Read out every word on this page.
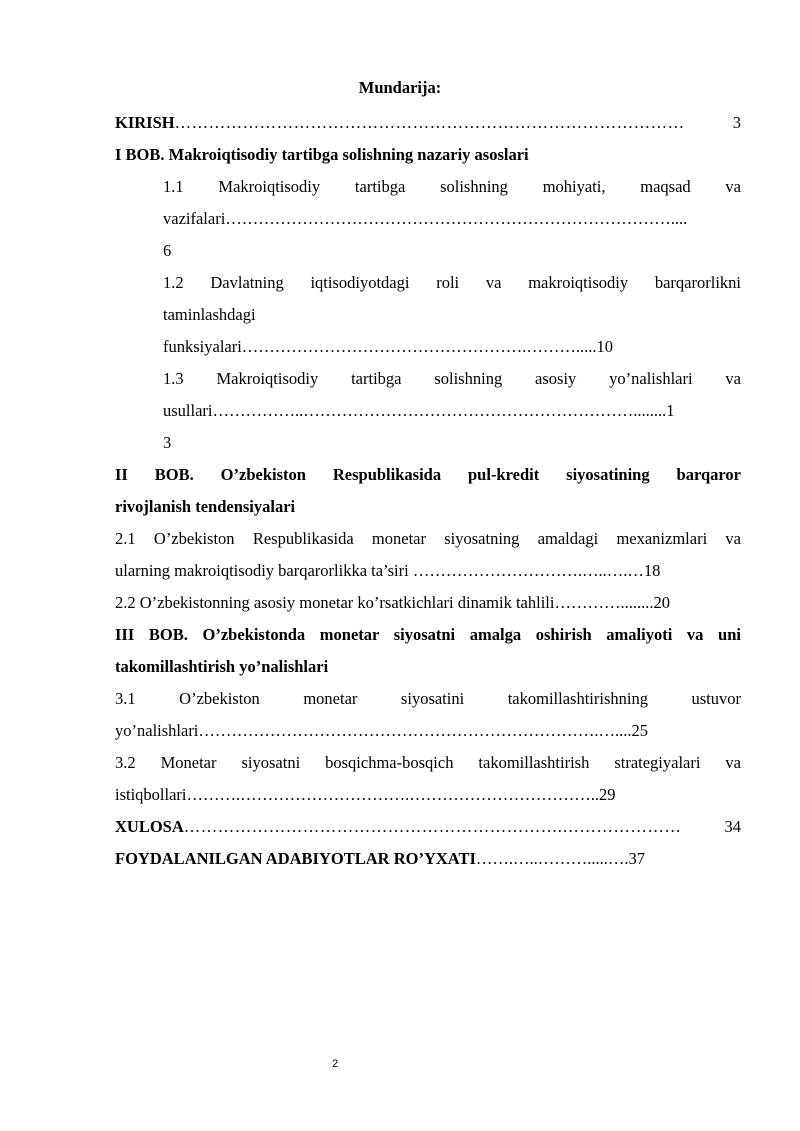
Mundarija:
KIRISH ………………………………………………………………………………	3
I BOB. Makroiqtisodiy tartibga solishning nazariy asoslari
1.1 Makroiqtisodiy tartibga solishning mohiyati, maqsad va
vazifalari………………………………………………………………………....
6
1.2 Davlatning iqtisodiyotdagi roli va makroiqtisodiy barqarorlikni
taminlashdagi
funksiyalari…………………………………………….……….....10
1.3 Makroiqtisodiy tartibga solishning asosiy yo’nalishlari va
usullari……………..……………………………………………………........1
3
II BOB. O’zbekiston Respublikasida pul-kredit siyosatining barqaror
rivojlanish tendensiyalari
2.1 O’zbekiston Respublikasida monetar siyosatning amaldagi mexanizmlari va
ularning makroiqtisodiy barqarorlikka ta’siri ………………………….…..….…18
2.2 O’zbekistonning asosiy monetar ko’rsatkichlari dinamik tahlili…………........20
III BOB. O’zbekistonda monetar siyosatni amalga oshirish amaliyoti va uni
takomillashtirish yo’nalishlari
3.1 O’zbekiston monetar siyosatini takomillashtirishning ustuvor
yo’nalishlari……………………………………………………………….…....25
3.2 Monetar siyosatni bosqichma-bosqich takomillashtirish strategiyalari va
istiqbollari……….………………………….……………………………..29
XULOSA ………………………………………………………….…………………	34
FOYDALANILGAN ADABIYOTLAR RO’YXATI …….…..……….....…. 37
2
